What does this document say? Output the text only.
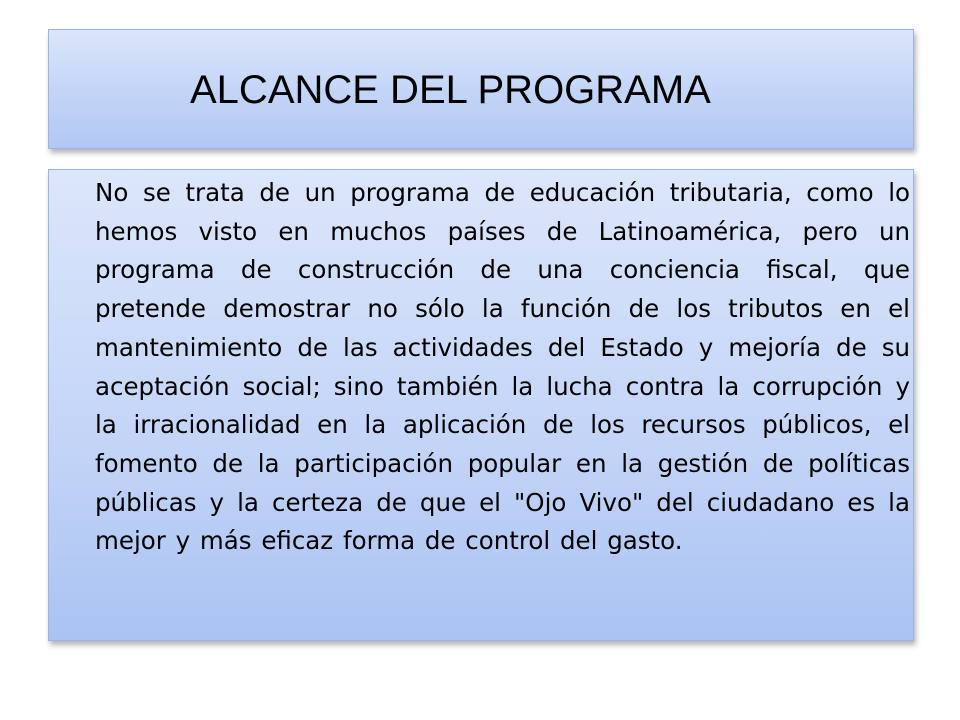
ALCANCE DEL PROGRAMA

No se trata de un programa de educación tributaria, como lo hemos visto en muchos países de Latinoamérica, pero un programa de construcción de una conciencia fiscal, que pretende demostrar no sólo la función de los tributos en el mantenimiento de las actividades del Estado y mejoría de su aceptación social; sino también la lucha contra la corrupción y la irracionalidad en la aplicación de los recursos públicos, el fomento de la participación popular en la gestión de políticas públicas y la certeza de que el "Ojo Vivo" del ciudadano es la mejor y más eficaz forma de control del gasto.
